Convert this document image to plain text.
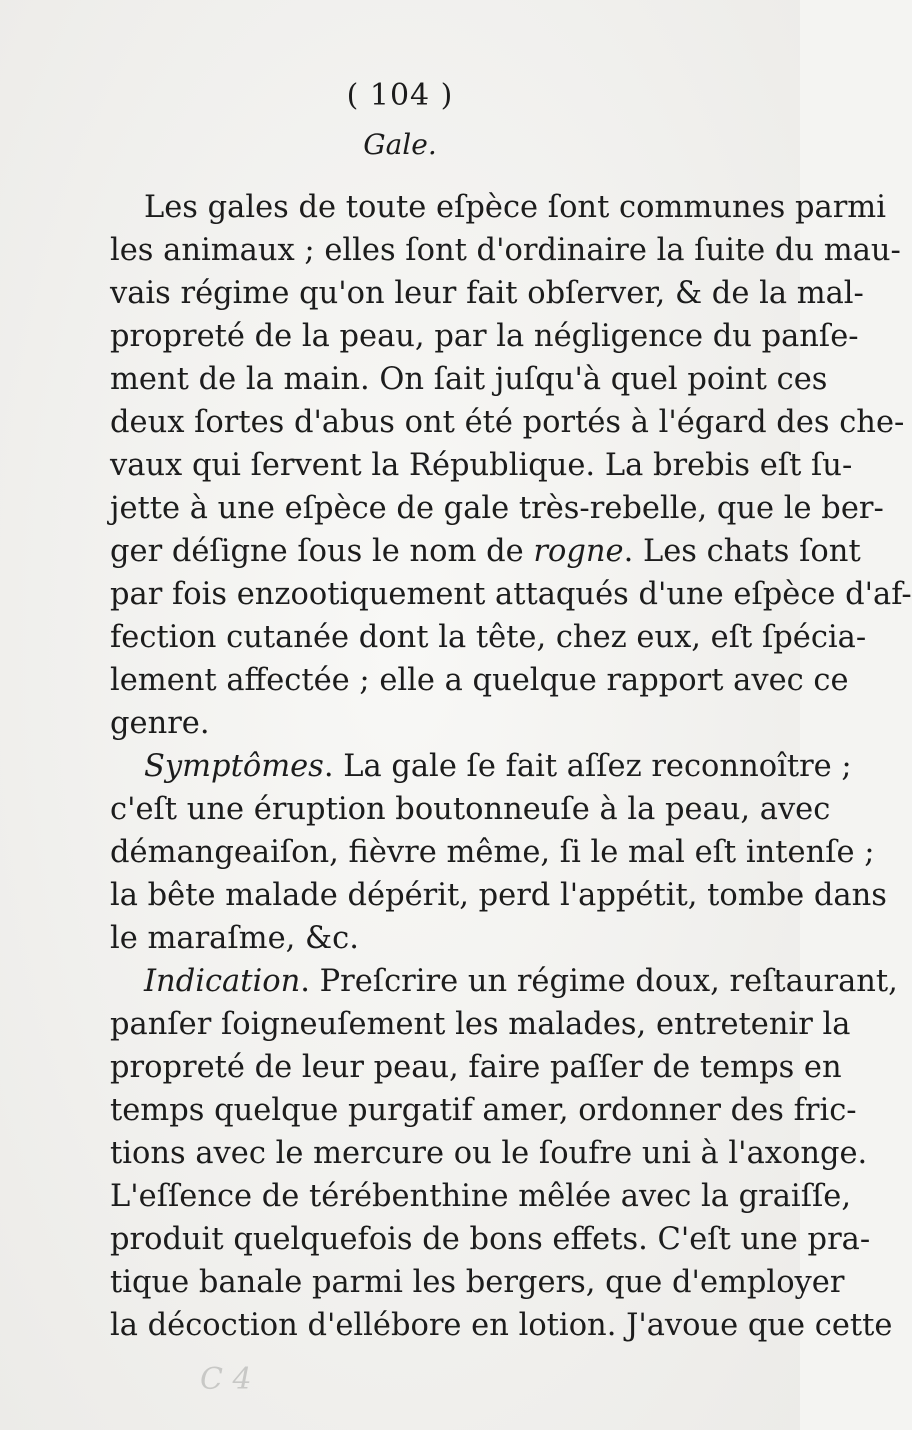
( 104 )
Gale.
Les gales de toute eſpèce ſont communes parmi
les animaux ; elles ſont d'ordinaire la ſuite du mau-
vais régime qu'on leur fait obſerver, & de la mal-
propreté de la peau, par la négligence du panſe-
ment de la main. On ſait juſqu'à quel point ces
deux ſortes d'abus ont été portés à l'égard des che-
vaux qui ſervent la République. La brebis eſt ſu-
jette à une eſpèce de gale très-rebelle, que le ber-
ger déſigne ſous le nom de rogne. Les chats ſont
par fois enzootiquement attaqués d'une eſpèce d'af-
fection cutanée dont la tête, chez eux, eſt ſpécia-
lement affectée ; elle a quelque rapport avec ce
genre.
Symptômes. La gale ſe fait aſſez reconnoître ;
c'eſt une éruption boutonneuſe à la peau, avec
démangeaiſon, fièvre même, ſi le mal eſt intenſe ;
la bête malade dépérit, perd l'appétit, tombe dans
le maraſme, &c.
Indication. Preſcrire un régime doux, reſtaurant,
panſer ſoigneuſement les malades, entretenir la
propreté de leur peau, faire paſſer de temps en
temps quelque purgatif amer, ordonner des fric-
tions avec le mercure ou le ſoufre uni à l'axonge.
L'eſſence de térébenthine mêlée avec la graiſſe,
produit quelquefois de bons effets. C'eſt une pra-
tique banale parmi les bergers, que d'employer
la décoction d'ellébore en lotion. J'avoue que cette
C 4
